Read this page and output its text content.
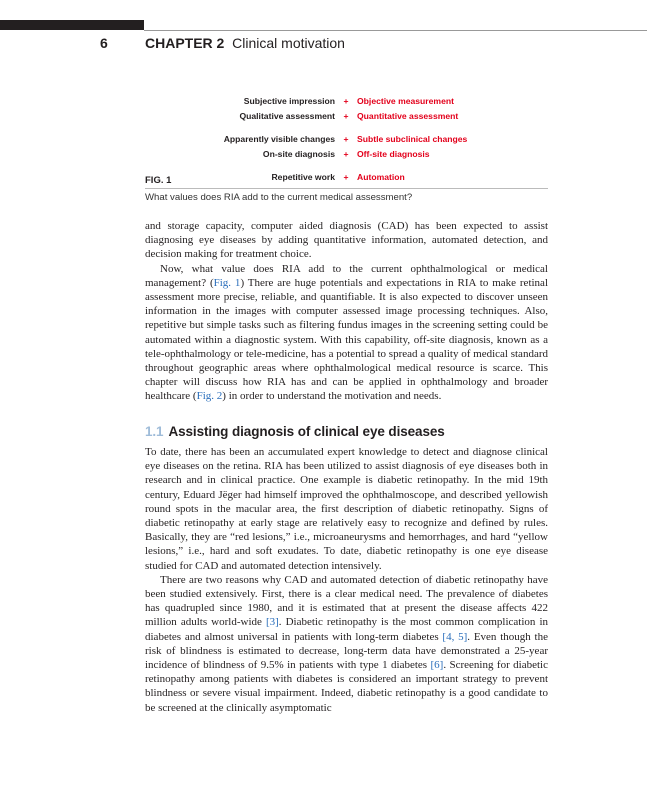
6	CHAPTER 2 Clinical motivation
Subjective impression + Objective measurement
Qualitative assessment + Quantitative assessment
Apparently visible changes + Subtle subclinical changes
On-site diagnosis + Off-site diagnosis
Repetitive work + Automation
FIG. 1
What values does RIA add to the current medical assessment?

and storage capacity, computer aided diagnosis (CAD) has been expected to assist diagnosing eye diseases by adding quantitative information, automated detection, and decision making for treatment choice.

Now, what value does RIA add to the current ophthalmological or medical management? (Fig. 1) There are huge potentials and expectations in RIA to make retinal assessment more precise, reliable, and quantifiable. It is also expected to discover unseen information in the images with computer assessed image processing techniques. Also, repetitive but simple tasks such as filtering fundus images in the screening setting could be automated within a diagnostic system. With this capability, off-site diagnosis, known as a tele-ophthalmology or tele-medicine, has a potential to spread a quality of medical standard throughout geographic areas where ophthalmological medical resource is scarce. This chapter will discuss how RIA has and can be applied in ophthalmology and broader healthcare (Fig. 2) in order to understand the motivation and needs.

1.1 Assisting diagnosis of clinical eye diseases

To date, there has been an accumulated expert knowledge to detect and diagnose clinical eye diseases on the retina. RIA has been utilized to assist diagnosis of eye diseases both in research and in clinical practice. One example is diabetic retinopathy. In the mid 19th century, Eduard Jëger had himself improved the ophthalmoscope, and described yellowish round spots in the macular area, the first description of diabetic retinopathy. Signs of diabetic retinopathy at early stage are relatively easy to recognize and defined by rules. Basically, they are “red lesions,” i.e., microaneurysms and hemorrhages, and hard “yellow lesions,” i.e., hard and soft exudates. To date, diabetic retinopathy is one eye disease studied for CAD and automated detection intensively.

There are two reasons why CAD and automated detection of diabetic retinopathy have been studied extensively. First, there is a clear medical need. The prevalence of diabetes has quadrupled since 1980, and it is estimated that at present the disease affects 422 million adults world-wide [3]. Diabetic retinopathy is the most common complication in diabetes and almost universal in patients with long-term diabetes [4, 5]. Even though the risk of blindness is estimated to decrease, long-term data have demonstrated a 25-year incidence of blindness of 9.5% in patients with type 1 diabetes [6]. Screening for diabetic retinopathy among patients with diabetes is considered an important strategy to prevent blindness or severe visual impairment. Indeed, diabetic retinopathy is a good candidate to be screened at the clinically asymptomatic
